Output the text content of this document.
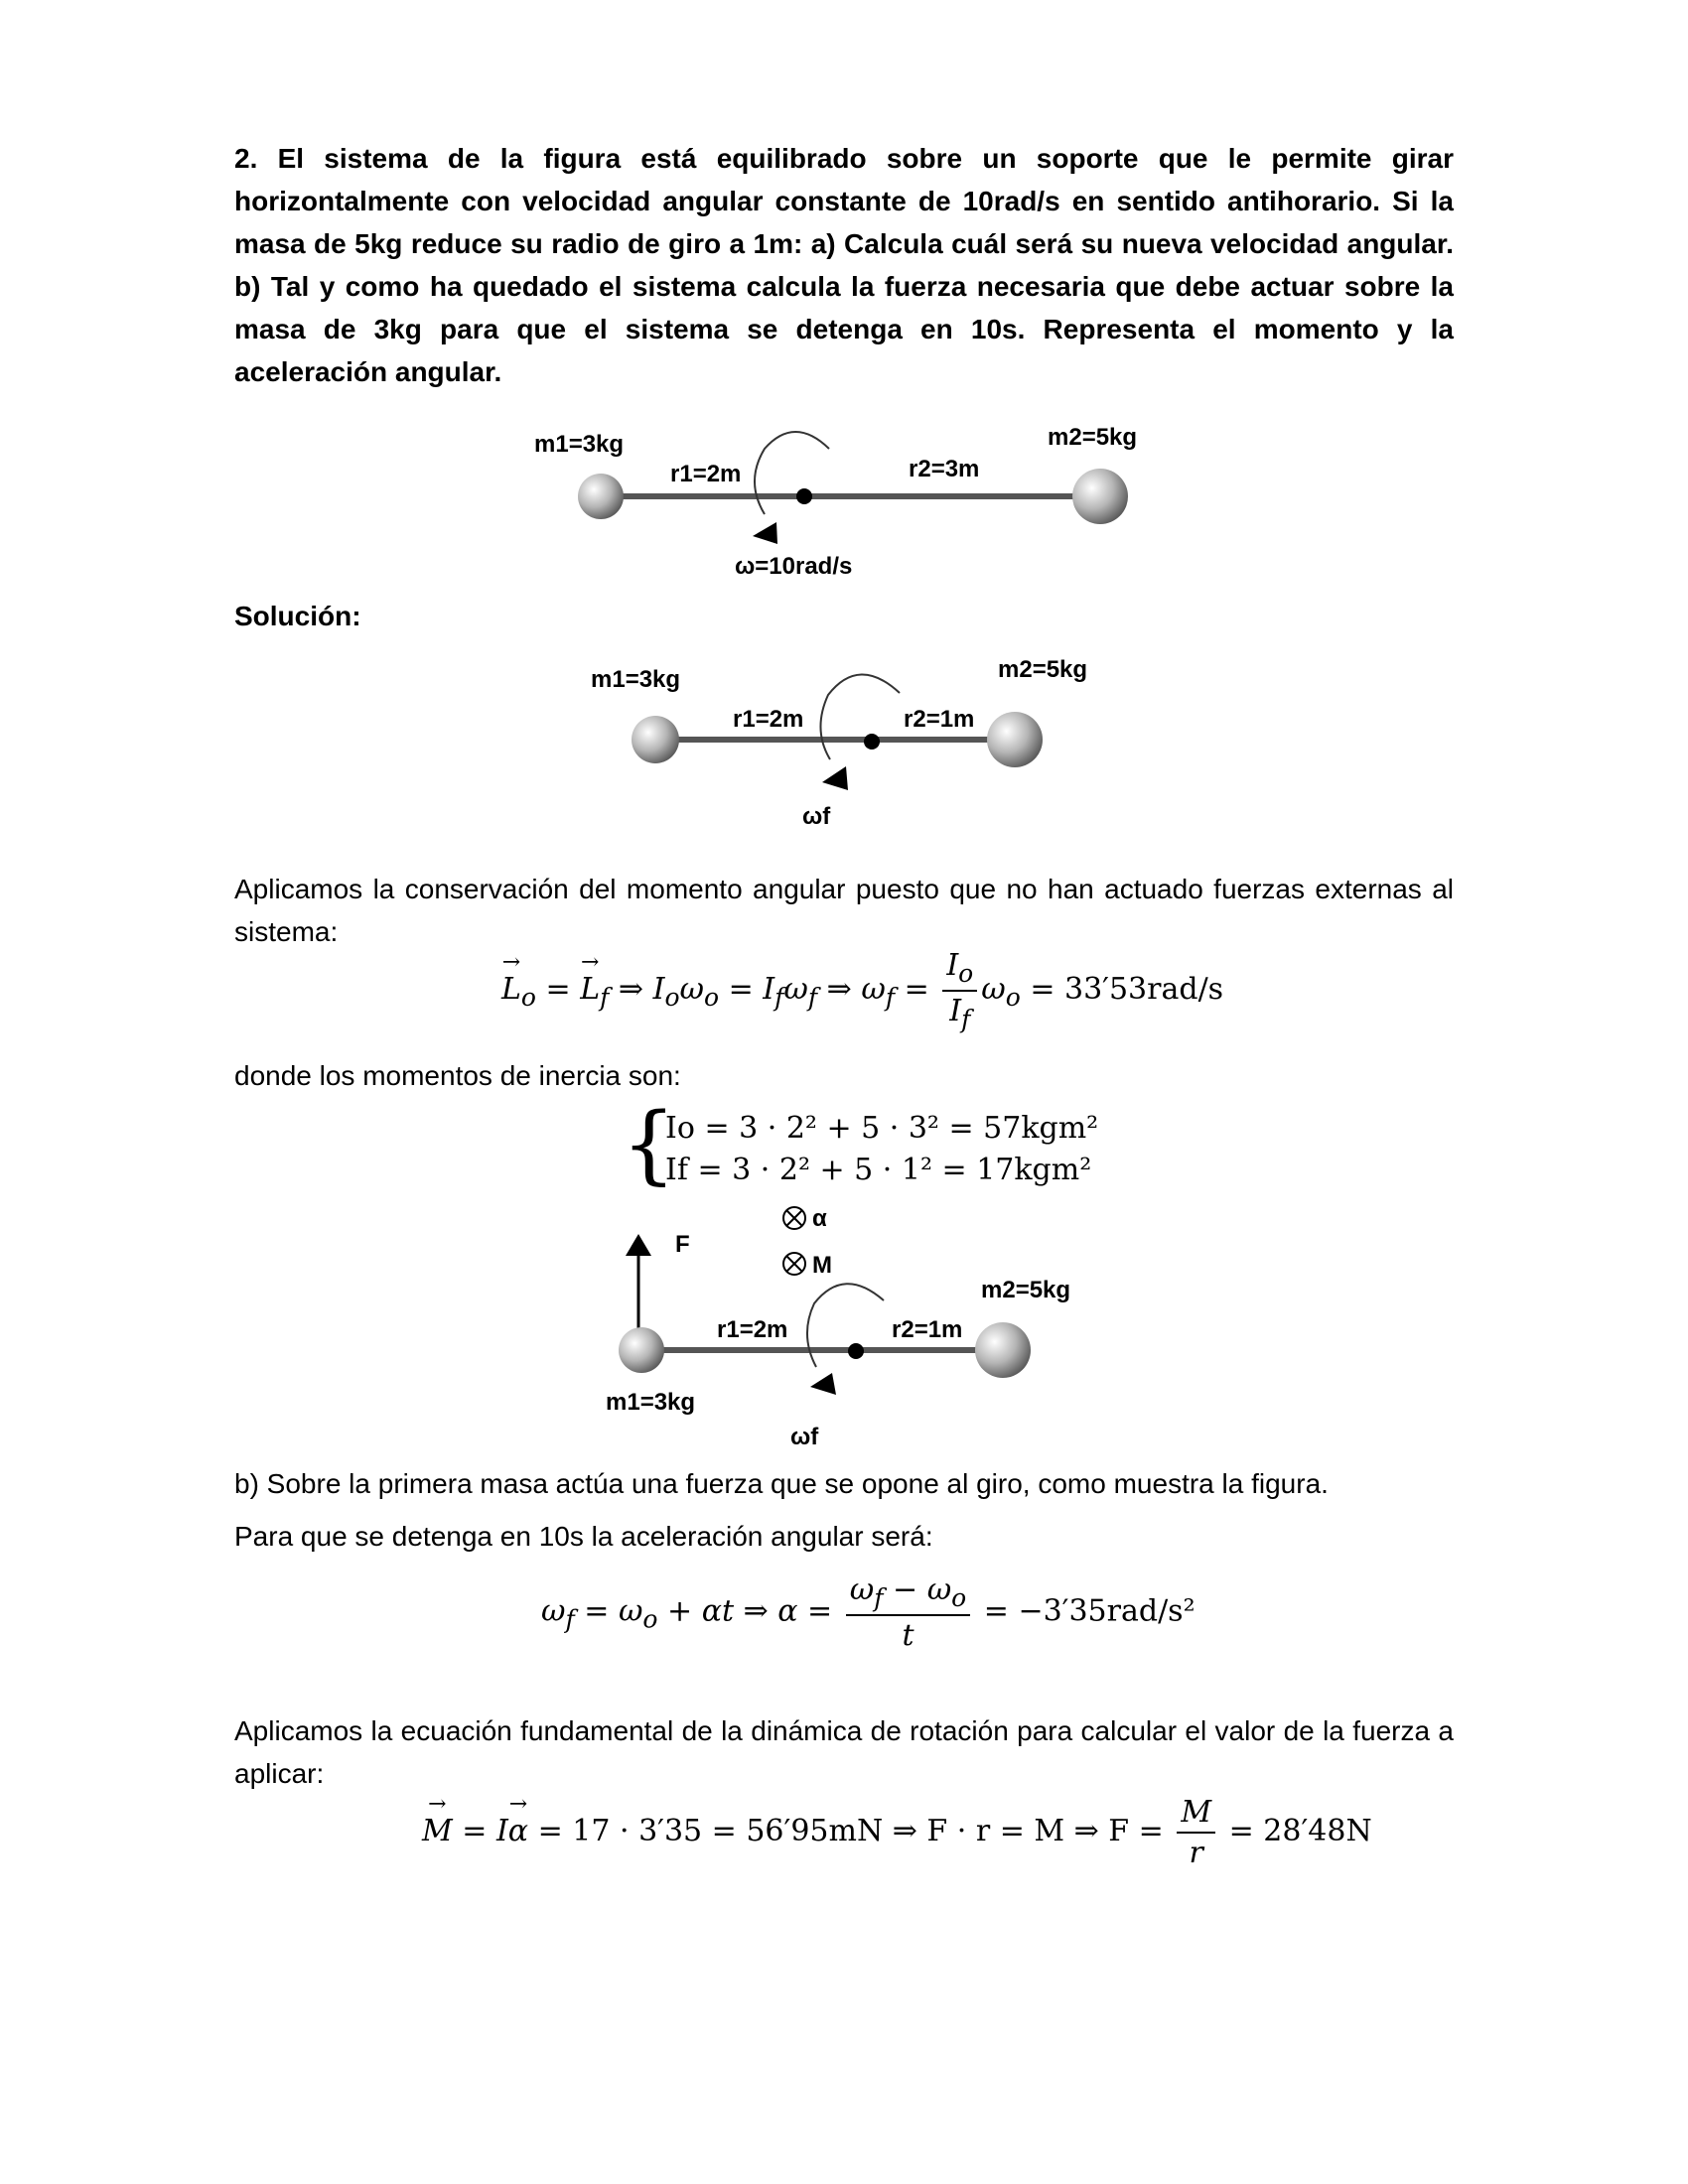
2. El sistema de la figura está equilibrado sobre un soporte que le permite girar horizontalmente con velocidad angular constante de 10rad/s en sentido antihorario. Si la masa de 5kg reduce su radio de giro a 1m: a) Calcula cuál será su nueva velocidad angular. b) Tal y como ha quedado el sistema calcula la fuerza necesaria que debe actuar sobre la masa de 3kg para que el sistema se detenga en 10s. Representa el momento y la aceleración angular.

m1=3kg
r1=2m	r2=3m
m2=5kg
ω=10rad/s
Solución:
m1=3kg
r1=2m	r2=1m
m2=5kg
ωf

Aplicamos la conservación del momento angular puesto que no han actuado fuerzas externas al sistema:

→ $L_o$ = → $L_f$ ⇒ $I_o\omega_o = I_f\omega_f$ ⇒ $\omega_f = \frac{I_o}{I_f} \omega_o = 33'53rad/s$

donde los momentos de inercia son:

{
Io = 3 · 2² + 5 · 3² = 57kgm²
If = 3 · 2² + 5 · 1² = 17kgm²
α
M
F
r1=2m	r2=1m
m2=5kg
m1=3kg
ωf

b) Sobre la primera masa actúa una fuerza que se opone al giro, como muestra la figura.

Para que se detenga en 10s la aceleración angular será:

$\omega_f = \omega_o + \alpha t$ ⇒ $\alpha = \frac{\omega_f - \omega_o}{t} = -3'35rad/s^2$

Aplicamos la ecuación fundamental de la dinámica de rotación para calcular el valor de la fuerza a aplicar:

→ M = I→ α = 17 · 3′35 = 56′95mN ⇒ F · r = M ⇒ $F = \frac{M}{r} = 28'48N$
